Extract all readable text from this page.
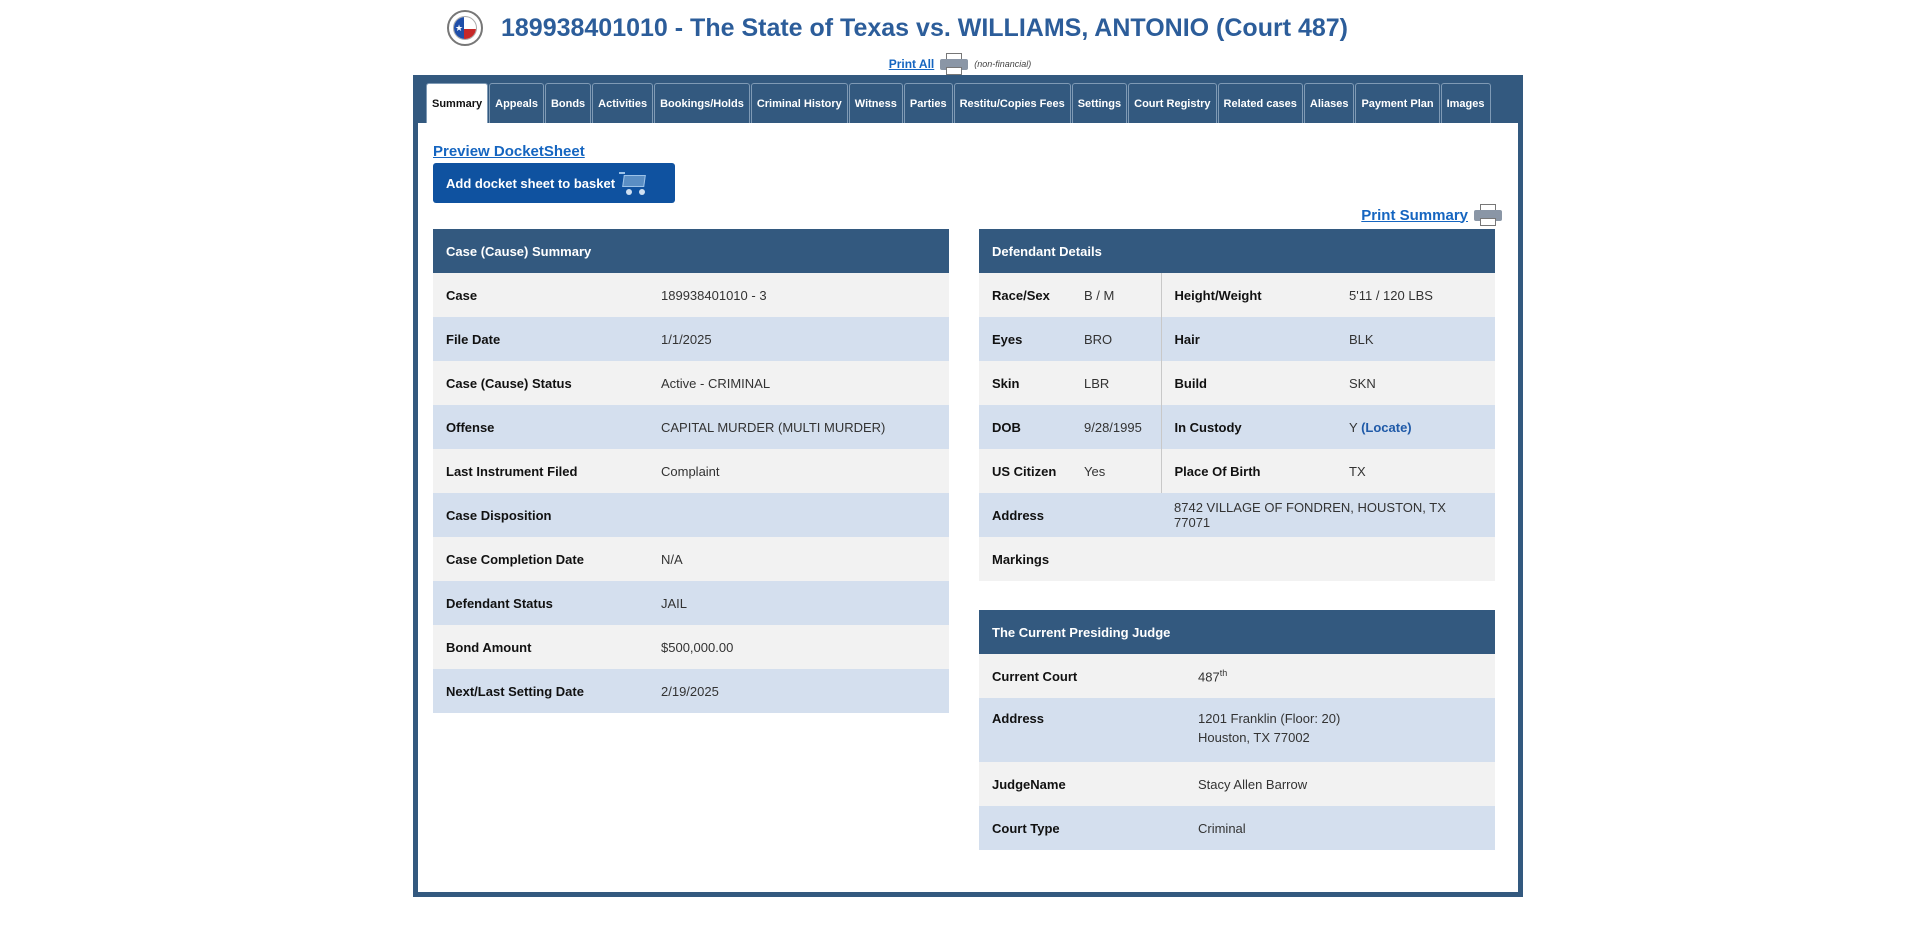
★ 189938401010 - The State of Texas vs. WILLIAMS, ANTONIO (Court 487)
Print All	(non-financial)
Summary	Appeals	Bonds	Activities	Bookings/Holds	Criminal History	Witness	Parties	Restitu/Copies Fees	Settings	Court Registry	Related cases	Aliases	Payment Plan	Images
Preview DocketSheet
Add docket sheet to basket
Print Summary
Case (Cause) Summary	
Case	189938401010 - 3
File Date	1/1/2025
Case (Cause) Status	Active - CRIMINAL
Offense	CAPITAL MURDER (MULTI MURDER)
Last Instrument Filed	Complaint
Case Disposition	
Case Completion Date	N/A
Defendant Status	JAIL
Bond Amount	$500,000.00
Next/Last Setting Date	2/19/2025
Defendant Details			
Race/Sex	B / M	Height/Weight	5'11 / 120 LBS
Eyes	BRO	Hair	BLK
Skin	LBR	Build	SKN
DOB	9/28/1995	In Custody	Y (Locate)
US Citizen	Yes	Place Of Birth	TX
Address		8742 VILLAGE OF FONDREN, HOUSTON, TX 77071	
Markings			
The Current Presiding Judge	
Current Court	487th
Address	1201 Franklin (Floor: 20)
Houston, TX 77002

JudgeName	Stacy Allen Barrow
Court Type	Criminal
